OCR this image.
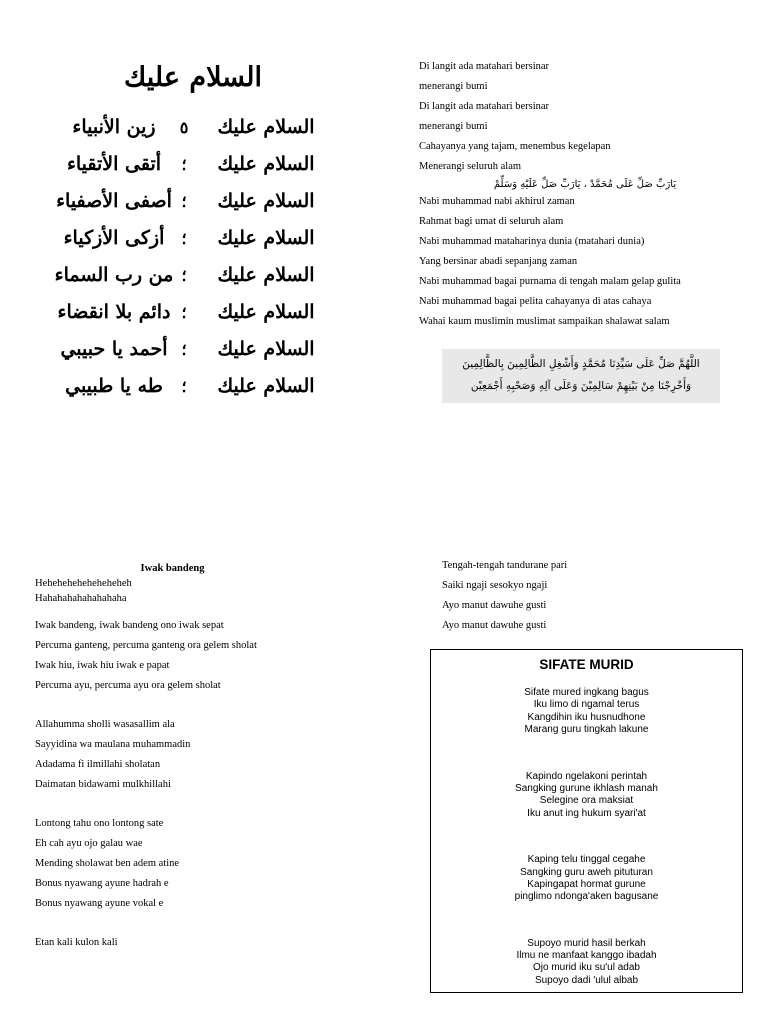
السلام عليك
زين الأنبياء	٥	السلام عليك
أتقى الأتقياء	؛	السلام عليك
أصفى الأصفياء ؛	السلام عليك
أزكى الأزكياء	؛	السلام عليك
من رب السماء ؛	السلام عليك
دائم بلا انقضاء ؛	السلام عليك
أحمد يا حبيبي ؛	السلام عليك
طه يا طبيبي	؛	السلام عليك
Di langit ada matahari bersinar
menerangi bumi
Di langit ada matahari bersinar
menerangi bumi
Cahayanya yang tajam, menembus kegelapan
Menerangi seluruh alam
يَارَبِّ صَلِّ عَلَى مُحَمَّدْ ، يَارَبِّ صَلِّ عَلَيْهِ وَسَلِّمْ
Nabi muhammad nabi akhirul zaman
Rahmat bagi umat di seluruh alam
Nabi muhammad mataharinya dunia (matahari dunia)
Yang bersinar abadi sepanjang zaman
Nabi muhammad bagai purnama di tengah malam gelap gulita
Nabi muhammad bagai pelita cahayanya di atas cahaya
Wahai kaum muslimin muslimat sampaikan shalawat salam
اللَّهُمَّ صَلِّ عَلَى سَيِّدِنَا مُحَمَّدٍ وَأَشْغِلِ الظَّالِمِينَ بِالظَّالِمِينَ
وَأَخْرِجْنَا مِنْ بَيْنِهِمْ سَالِمِيْنَ وَعَلَى آلِهِ وَصَحْبِهِ أَجْمَعِيْن
Iwak bandeng
Heheheheheheheheheh
Hahahahahahahahaha
Iwak bandeng, iwak bandeng ono iwak sepat
Percuma ganteng, percuma ganteng ora gelem sholat
Iwak hiu, iwak hiu iwak e papat
Percuma ayu, percuma ayu ora gelem sholat
Allahumma sholli wasasallim ala
Sayyidina wa maulana muhammadin
Adadama fi ilmillahi sholatan
Daimatan bidawami mulkhillahi
Lontong tahu ono lontong sate
Eh cah ayu ojo galau wae
Mending sholawat ben adem atine
Bonus nyawang ayune hadrah e
Bonus nyawang ayune vokal e
Etan kali kulon kali
Tengah-tengah tandurane pari
Saiki ngaji sesokyo ngaji
Ayo manut dawuhe gusti
Ayo manut dawuhe gusti
SIFATE MURID
Sifate mured ingkang bagus
Iku limo di ngamal terus
Kangdihin iku husnudhone
Marang guru tingkah lakune
Kapindo ngelakoni perintah
Sangking gurune ikhlash manah
Selegine ora maksiat
Iku anut ing hukum syari'at
Kaping telu tinggal cegahe
Sangking guru aweh pituturan
Kapingapat hormat gurune
pinglimo ndonga'aken bagusane
Supoyo murid hasil berkah
Ilmu ne manfaat kanggo ibadah
Ojo murid iku su'ul adab
Supoyo dadi 'ulul albab
